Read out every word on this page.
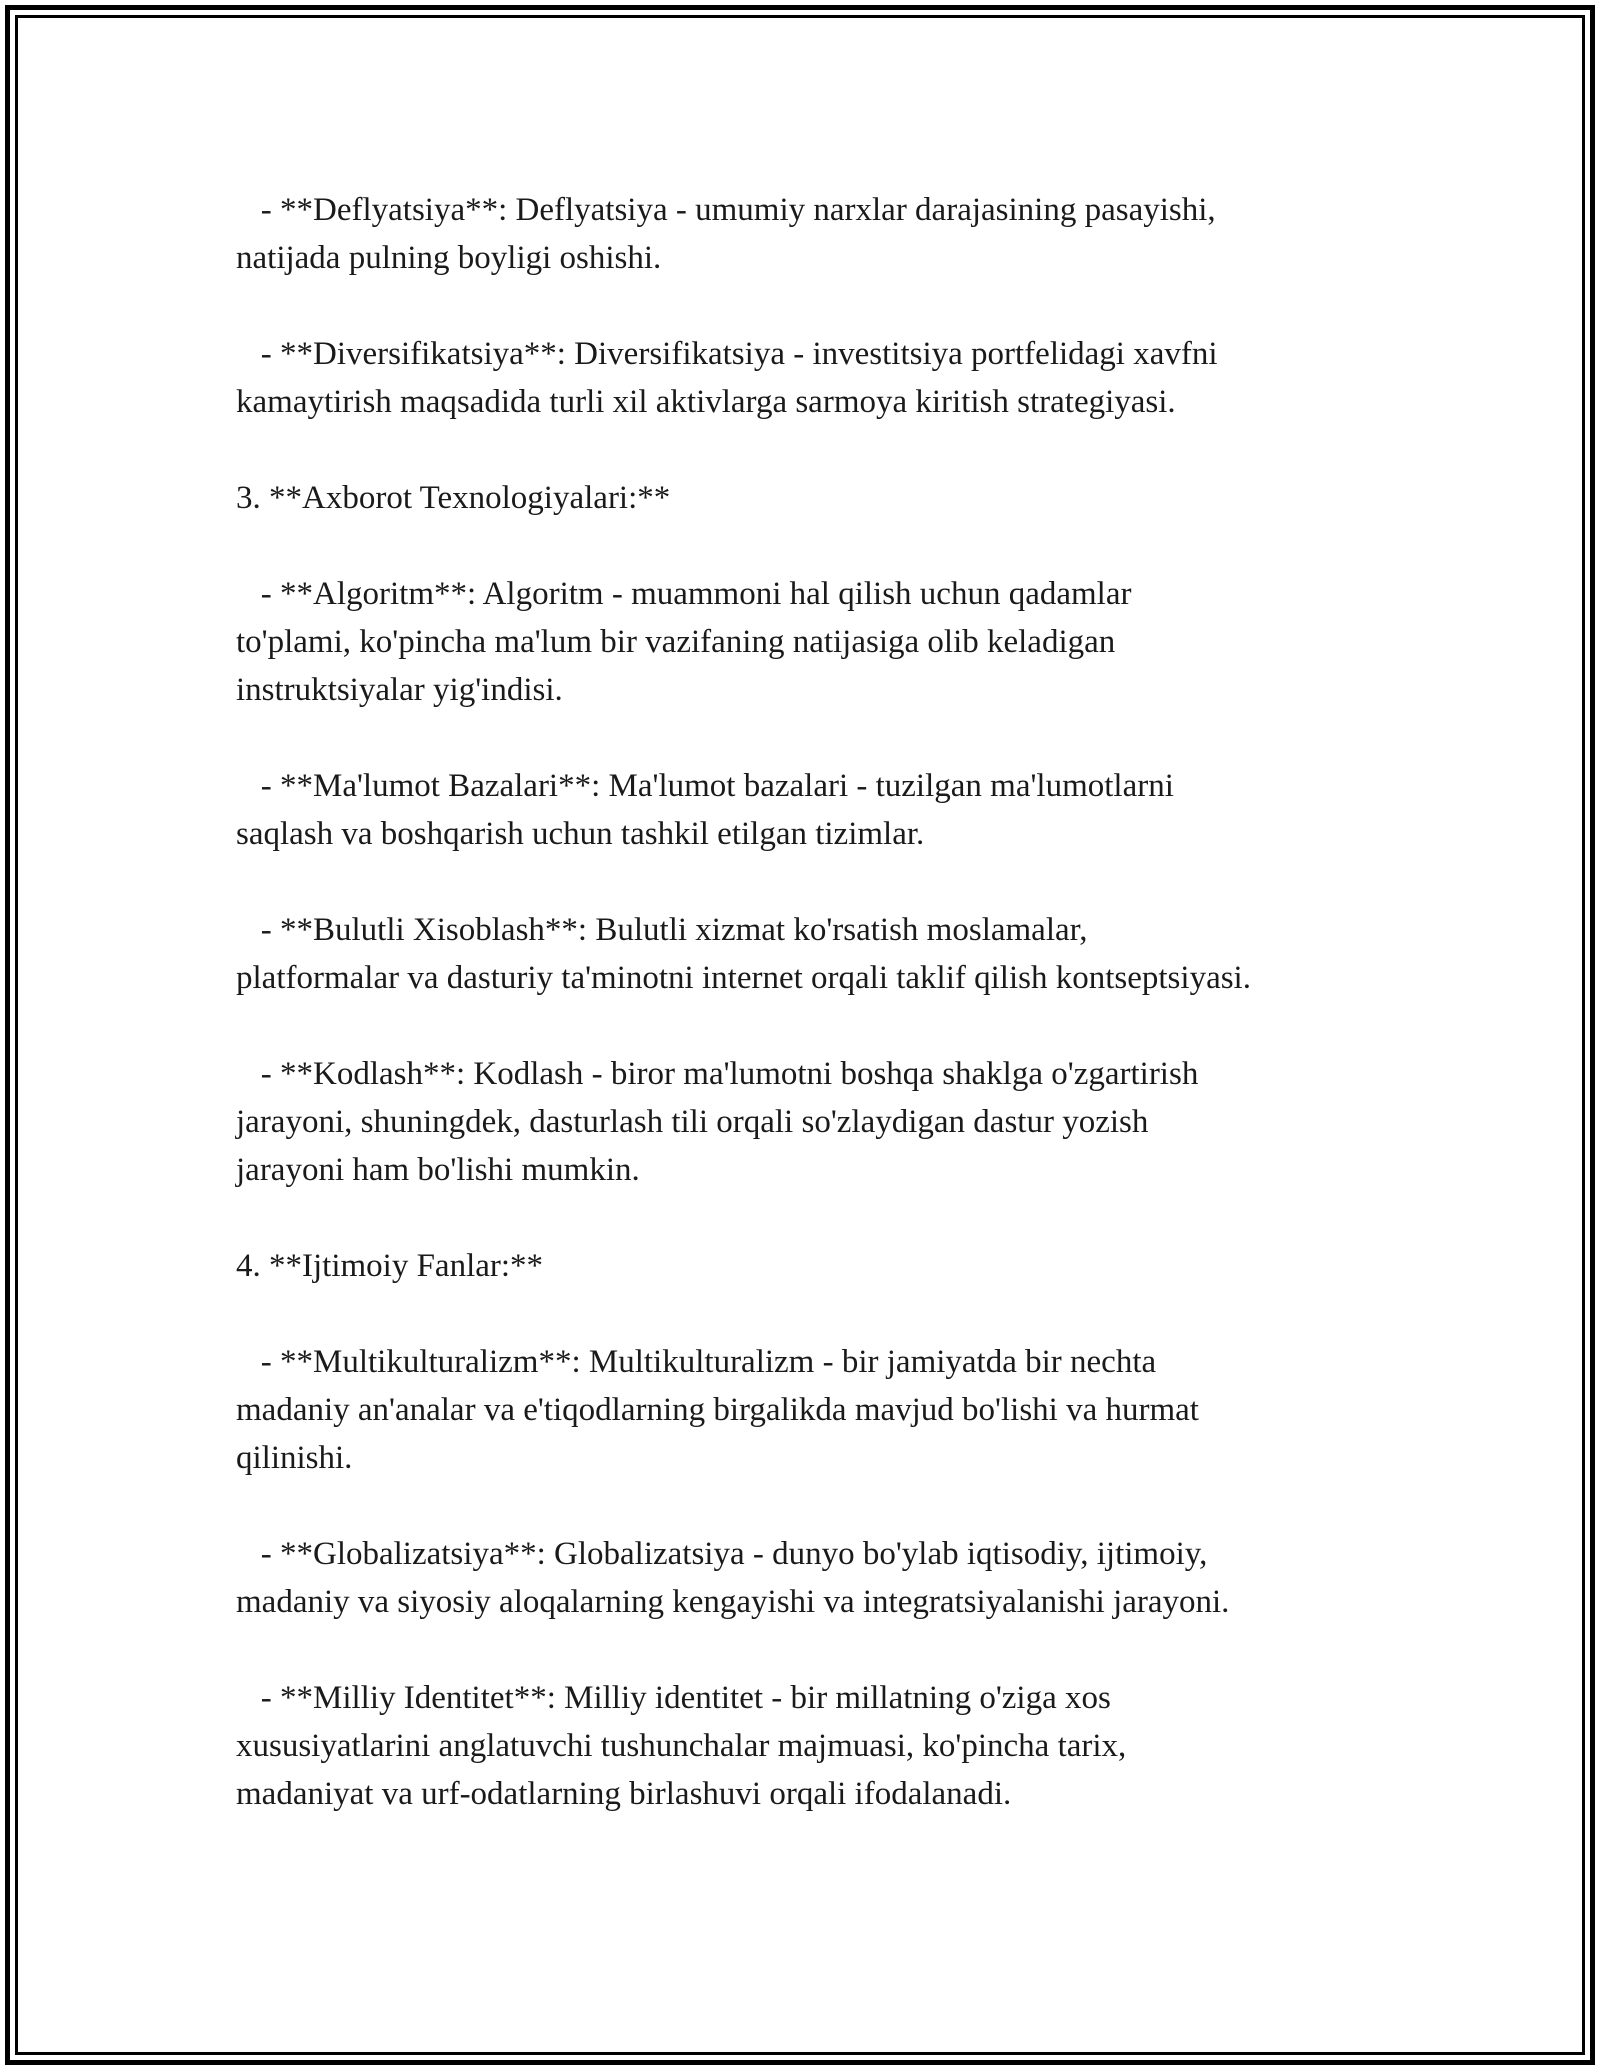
- **Deflyatsiya**: Deflyatsiya - umumiy narxlar darajasining pasayishi,
natijada pulning boyligi oshishi.

- **Diversifikatsiya**: Diversifikatsiya - investitsiya portfelidagi xavfni
kamaytirish maqsadida turli xil aktivlarga sarmoya kiritish strategiyasi.

3. **Axborot Texnologiyalari:**

- **Algoritm**: Algoritm - muammoni hal qilish uchun qadamlar
to'plami, ko'pincha ma'lum bir vazifaning natijasiga olib keladigan
instruktsiyalar yig'indisi.

- **Ma'lumot Bazalari**: Ma'lumot bazalari - tuzilgan ma'lumotlarni
saqlash va boshqarish uchun tashkil etilgan tizimlar.

- **Bulutli Xisoblash**: Bulutli xizmat ko'rsatish moslamalar,
platformalar va dasturiy ta'minotni internet orqali taklif qilish kontseptsiyasi.

- **Kodlash**: Kodlash - biror ma'lumotni boshqa shaklga o'zgartirish
jarayoni, shuningdek, dasturlash tili orqali so'zlaydigan dastur yozish
jarayoni ham bo'lishi mumkin.

4. **Ijtimoiy Fanlar:**

- **Multikulturalizm**: Multikulturalizm - bir jamiyatda bir nechta
madaniy an'analar va e'tiqodlarning birgalikda mavjud bo'lishi va hurmat
qilinishi.

- **Globalizatsiya**: Globalizatsiya - dunyo bo'ylab iqtisodiy, ijtimoiy,
madaniy va siyosiy aloqalarning kengayishi va integratsiyalanishi jarayoni.

- **Milliy Identitet**: Milliy identitet - bir millatning o'ziga xos
xususiyatlarini anglatuvchi tushunchalar majmuasi, ko'pincha tarix,
madaniyat va urf-odatlarning birlashuvi orqali ifodalanadi.
